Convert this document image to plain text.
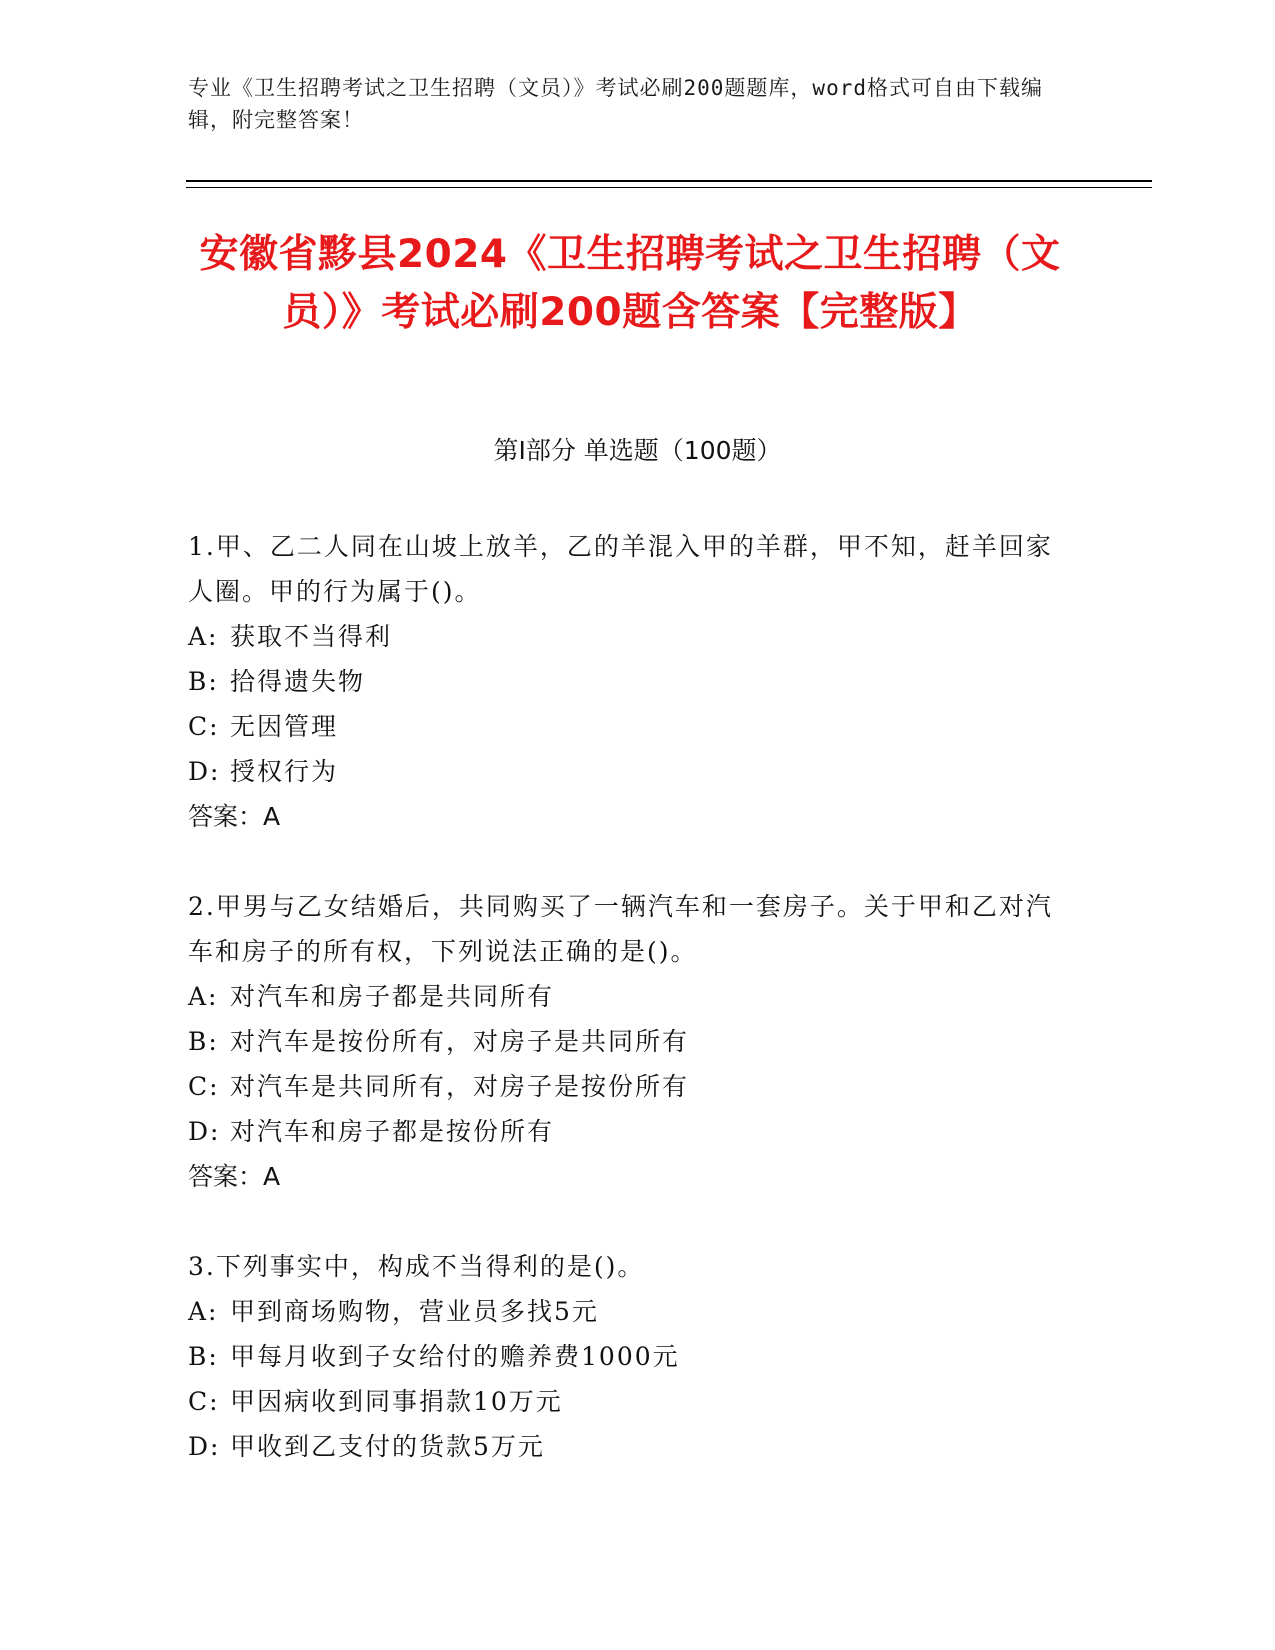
专业《卫生招聘考试之卫生招聘（文员）》考试必刷200题题库，word格式可自由下载编辑，附完整答案！
安徽省黟县2024《卫生招聘考试之卫生招聘（文员）》考试必刷200题含答案【完整版】
第Ⅰ部分 单选题（100题）
1.甲、乙二人同在山坡上放羊，乙的羊混入甲的羊群，甲不知，赶羊回家人圈。甲的行为属于()。
A: 获取不当得利
B: 拾得遗失物
C: 无因管理
D: 授权行为
答案：A
2.甲男与乙女结婚后，共同购买了一辆汽车和一套房子。关于甲和乙对汽车和房子的所有权，下列说法正确的是()。
A: 对汽车和房子都是共同所有
B: 对汽车是按份所有，对房子是共同所有
C: 对汽车是共同所有，对房子是按份所有
D: 对汽车和房子都是按份所有
答案：A
3.下列事实中，构成不当得利的是()。
A: 甲到商场购物，营业员多找5元
B: 甲每月收到子女给付的赡养费1000元
C: 甲因病收到同事捐款10万元
D: 甲收到乙支付的货款5万元
